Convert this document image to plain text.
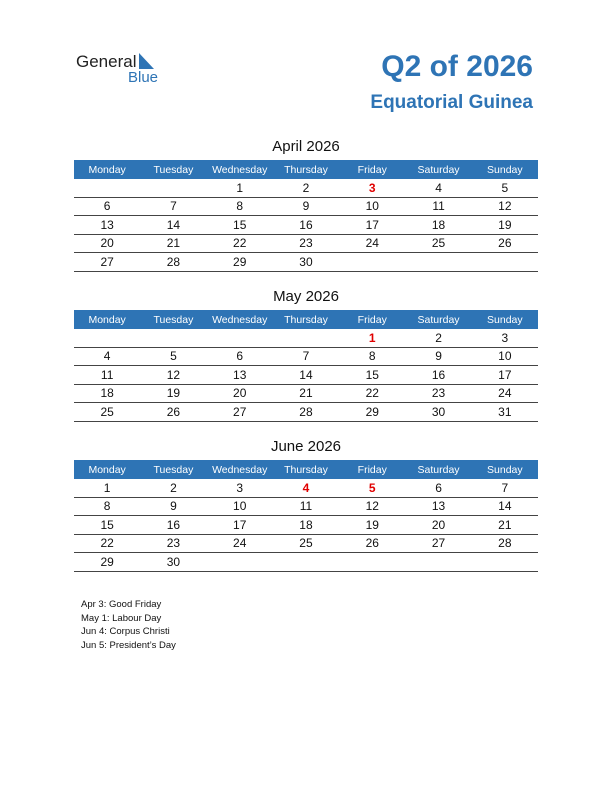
General
Blue	Q2 of 2026
Equatorial Guinea
April 2026
Monday	Tuesday	Wednesday	Thursday	Friday	Saturday	Sunday
		1	2	3	4	5
6	7	8	9	10	11	12
13	14	15	16	17	18	19
20	21	22	23	24	25	26
27	28	29	30			
May 2026
Monday	Tuesday	Wednesday	Thursday	Friday	Saturday	Sunday
				1	2	3
4	5	6	7	8	9	10
11	12	13	14	15	16	17
18	19	20	21	22	23	24
25	26	27	28	29	30	31
June 2026
Monday	Tuesday	Wednesday	Thursday	Friday	Saturday	Sunday
1	2	3	4	5	6	7
8	9	10	11	12	13	14
15	16	17	18	19	20	21
22	23	24	25	26	27	28
29	30					
Apr 3: Good Friday
May 1: Labour Day
Jun 4: Corpus Christi
Jun 5: President’s Day
